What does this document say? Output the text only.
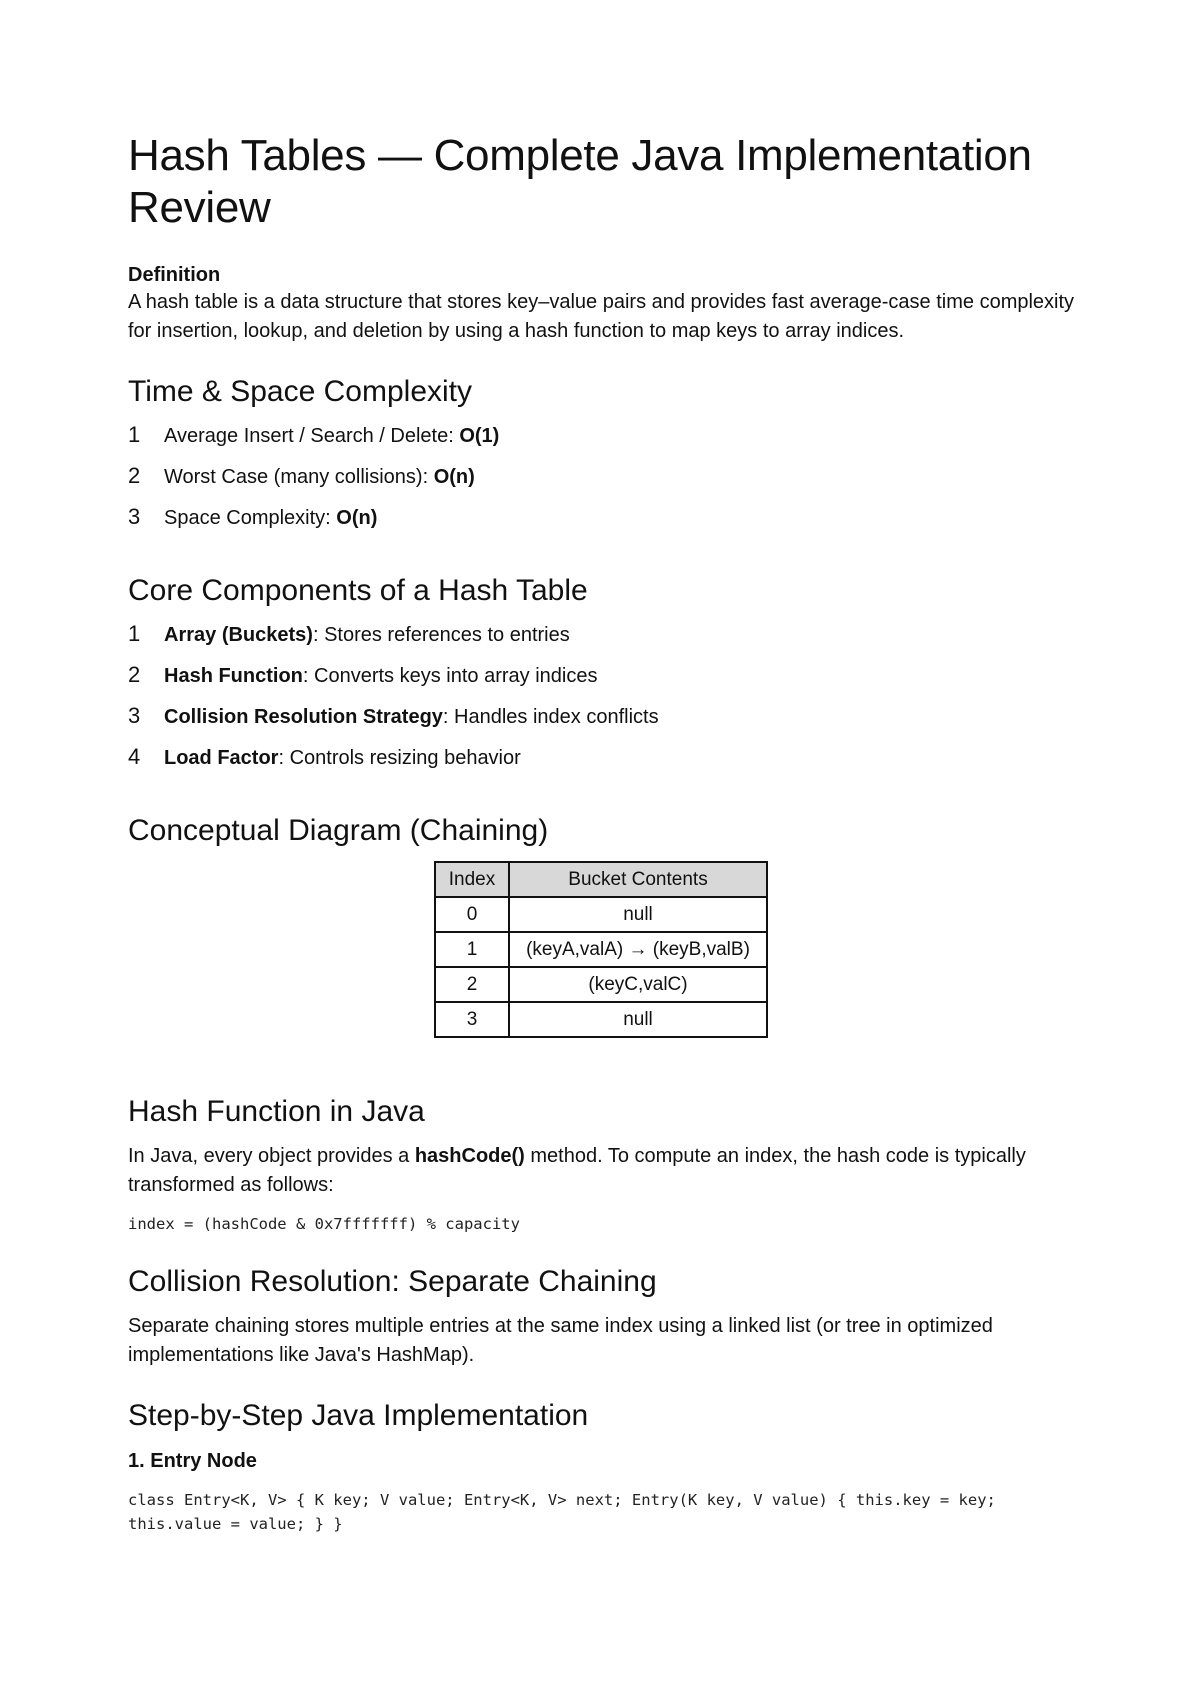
Hash Tables — Complete Java Implementation Review

Definition

A hash table is a data structure that stores key–value pairs and provides fast average-case time complexity for insertion, lookup, and deletion by using a hash function to map keys to array indices.

Time & Space Complexity
1	Average Insert / Search / Delete: O(1)
2	Worst Case (many collisions): O(n)
3	Space Complexity: O(n)
Core Components of a Hash Table
1	Array (Buckets): Stores references to entries
2	Hash Function: Converts keys into array indices
3	Collision Resolution Strategy: Handles index conflicts
4	Load Factor: Controls resizing behavior
Conceptual Diagram (Chaining)
Index	Bucket Contents
0	null
1	(keyA,valA) → (keyB,valB)
2	(keyC,valC)
3	null
Hash Function in Java

In Java, every object provides a hashCode() method. To compute an index, the hash code is typically transformed as follows:

index = (hashCode & 0x7fffffff) % capacity

Collision Resolution: Separate Chaining

Separate chaining stores multiple entries at the same index using a linked list (or tree in optimized implementations like Java's HashMap).

Step-by-Step Java Implementation

1. Entry Node

class Entry<K, V> { K key; V value; Entry<K, V> next; Entry(K key, V value) { this.key = key; this.value = value; } }
